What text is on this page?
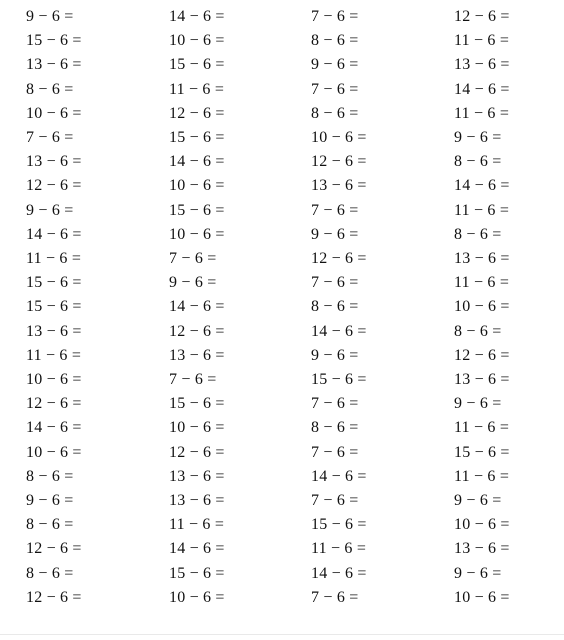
9 − 6 =
15 − 6 =
13 − 6 =
8 − 6 =
10 − 6 =
7 − 6 =
13 − 6 =
12 − 6 =
9 − 6 =
14 − 6 =
11 − 6 =
15 − 6 =
15 − 6 =
13 − 6 =
11 − 6 =
10 − 6 =
12 − 6 =
14 − 6 =
10 − 6 =
8 − 6 =
9 − 6 =
8 − 6 =
12 − 6 =
8 − 6 =
12 − 6 =
14 − 6 =
10 − 6 =
15 − 6 =
11 − 6 =
12 − 6 =
15 − 6 =
14 − 6 =
10 − 6 =
15 − 6 =
10 − 6 =
7 − 6 =
9 − 6 =
14 − 6 =
12 − 6 =
13 − 6 =
7 − 6 =
15 − 6 =
10 − 6 =
12 − 6 =
13 − 6 =
13 − 6 =
11 − 6 =
14 − 6 =
15 − 6 =
10 − 6 =
7 − 6 =
8 − 6 =
9 − 6 =
7 − 6 =
8 − 6 =
10 − 6 =
12 − 6 =
13 − 6 =
7 − 6 =
9 − 6 =
12 − 6 =
7 − 6 =
8 − 6 =
14 − 6 =
9 − 6 =
15 − 6 =
7 − 6 =
8 − 6 =
7 − 6 =
14 − 6 =
7 − 6 =
15 − 6 =
11 − 6 =
14 − 6 =
7 − 6 =
12 − 6 =
11 − 6 =
13 − 6 =
14 − 6 =
11 − 6 =
9 − 6 =
8 − 6 =
14 − 6 =
11 − 6 =
8 − 6 =
13 − 6 =
11 − 6 =
10 − 6 =
8 − 6 =
12 − 6 =
13 − 6 =
9 − 6 =
11 − 6 =
15 − 6 =
11 − 6 =
9 − 6 =
10 − 6 =
13 − 6 =
9 − 6 =
10 − 6 =
